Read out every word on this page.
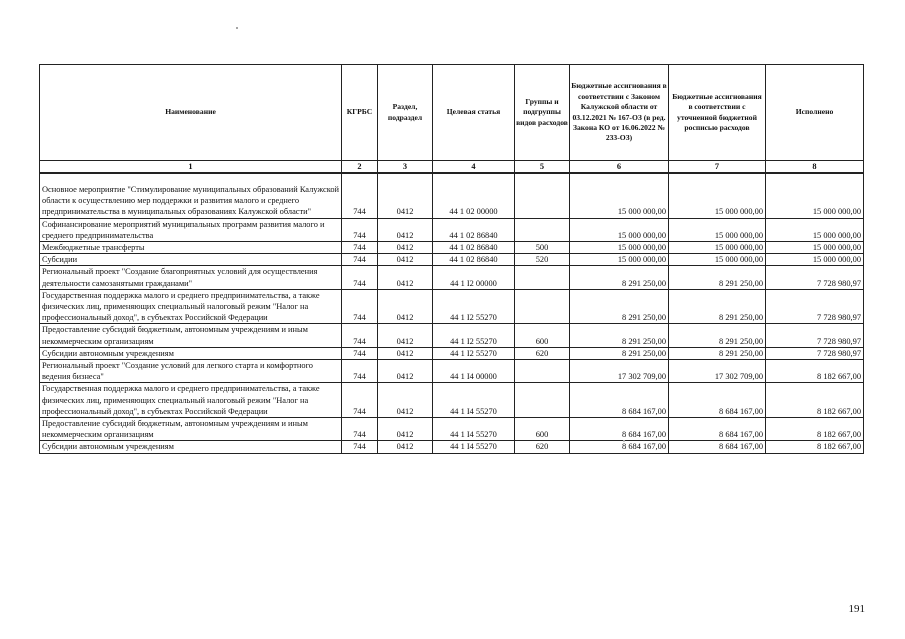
Наименование	КГРБС	Раздел, подраздел	Целевая статья	Группы и подгруппы видов расходов	Бюджетные ассигнования в соответствии с Законом Калужской области от 03.12.2021 № 167-ОЗ (в ред. Закона КО от 16.06.2022 № 233-ОЗ)	Бюджетные ассигнования в соответствии с уточненной бюджетной росписью расходов	Исполнено
1	2	3	4	5	6	7	8

Основное мероприятие "Стимулирование муниципальных образований Калужской области к осуществлению мер поддержки и развития малого и среднего предпринимательства в муниципальных образованиях Калужской области"	744	0412	44 1 02 00000		15 000 000,00	15 000 000,00	15 000 000,00
Софинансирование мероприятий муниципальных программ развития малого и среднего предпринимательства	744	0412	44 1 02 86840		15 000 000,00	15 000 000,00	15 000 000,00
Межбюджетные трансферты	744	0412	44 1 02 86840	500	15 000 000,00	15 000 000,00	15 000 000,00
Субсидии	744	0412	44 1 02 86840	520	15 000 000,00	15 000 000,00	15 000 000,00
Региональный проект "Создание благоприятных условий для осуществления деятельности самозанятыми гражданами"	744	0412	44 1 I2 00000		8 291 250,00	8 291 250,00	7 728 980,97
Государственная поддержка малого и среднего предпринимательства, а также физических лиц, применяющих специальный налоговый режим "Налог на профессиональный доход", в субъектах Российской Федерации	744	0412	44 1 I2 55270		8 291 250,00	8 291 250,00	7 728 980,97
Предоставление субсидий бюджетным, автономным учреждениям и иным некоммерческим организациям	744	0412	44 1 I2 55270	600	8 291 250,00	8 291 250,00	7 728 980,97
Субсидии автономным учреждениям	744	0412	44 1 I2 55270	620	8 291 250,00	8 291 250,00	7 728 980,97
Региональный проект "Создание условий для легкого старта и комфортного ведения бизнеса"	744	0412	44 1 I4 00000		17 302 709,00	17 302 709,00	8 182 667,00
Государственная поддержка малого и среднего предпринимательства, а также физических лиц, применяющих специальный налоговый режим "Налог на профессиональный доход", в субъектах Российской Федерации	744	0412	44 1 I4 55270		8 684 167,00	8 684 167,00	8 182 667,00
Предоставление субсидий бюджетным, автономным учреждениям и иным некоммерческим организациям	744	0412	44 1 I4 55270	600	8 684 167,00	8 684 167,00	8 182 667,00
Субсидии автономным учреждениям	744	0412	44 1 I4 55270	620	8 684 167,00	8 684 167,00	8 182 667,00
191
